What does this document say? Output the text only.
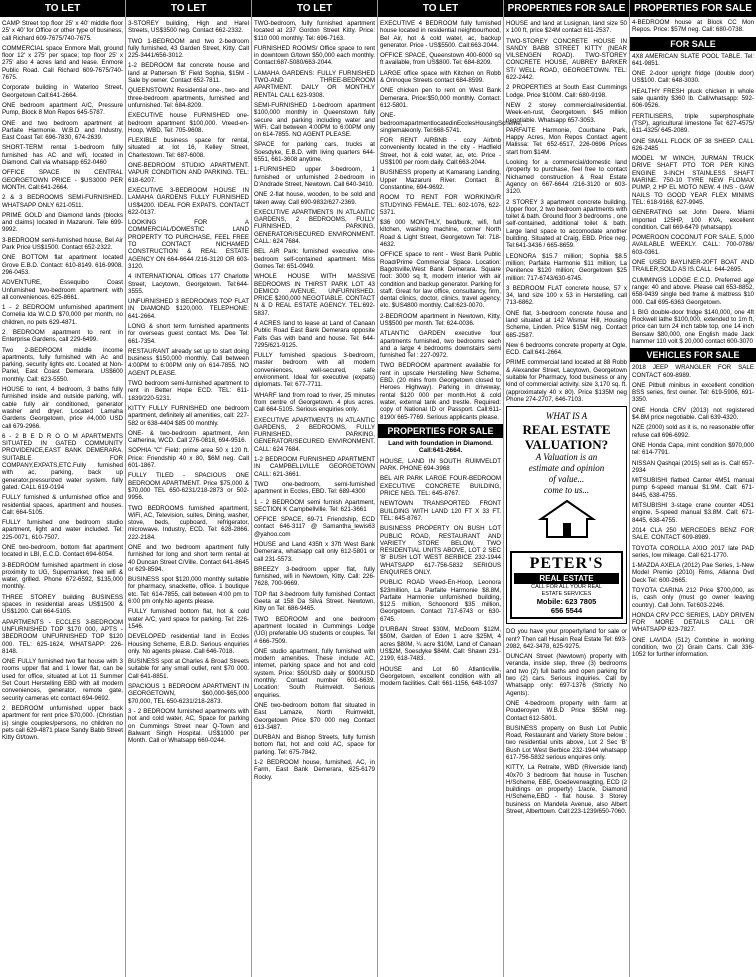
TO LET
CAMP Street top floor 25' x 40' middle floor 25' x 40' for Office or other type of business, call Richard 609-7675/740-7675.
COMMERCIAL space Enmore Mall, ground floor 12' x 275' per space; top floor 25' x 275' also 4 acres land and lease. Enmore Public Road. Call Richard 609-7675/740-7675.
Corporate building in Waterloo Street, Georgetown Call:641-2664.
ONE bedroom apartment A/C, Pressure Pump, Block 8 Mon Repos 645-5787.
ONE and two bedroom apartment at Parfaite Harmonie. W.B.D and Industry, East Coast Tel: 696-7830, 674-2639.
SHORT-TERM rental 1-bedroom fully furnished has AC and wifi, located in Diamond. Call via whatsapp 652-0460
OFFICE SPACE IN CENTRAL GEORGETOWN PRICE - $US3000 PER MONTH. Call:641-2664.
2 & 3 BEDROOMS SEMI-FURNISHED. WHATSAPP ONLY 621-0511.
PRIME GOLD and Diamond lands (blocks and claims) located in Mazaruni. Tele 699-9992.
3-BEDROOM semi-furnished house, Bel Air Park Price US$1500. Contact 652-2322.
ONE BOTTOM flat apartment located Grove E.B.D. Contact: 610-8149. 616-9908. 296-0453.
ADVENTURE, Essequibo Coast Unfurnished two-bedroom apartment with all conveniences. 625-8661.
1 - 2 BEDROOM unfurnished apartment Cornelia Ida W.C.D $70,000 per month, no children, no pets 629-4871.
2 BEDROOM apartment to rent in Enterprise Gardens, call 229-6499.
Two 2-BEDROOM middle income apartments, fully furnished with Ac and parking, security lights etc. Located at Non-Pariel, East Coast Demerara. US$600 monthly. Call: 623-5550.
HOUSE to rent, 4 bedroom, 3 baths fully furnished inside and outside parking, wifi, cable fully air conditioned, generator washer and dryer. Located Lamaha Gardens Georgetown, price #4,000 USD call 679-2966.
6 - 2 B E D R O O M APARTMENTS SITUATED IN GATED COMMUNITY PROVIDENCE,EAST BANK DEMERARA. SUITABLE FOR COMPANY,EXPATS,ETC.Fully furnished with ac, parking, back up generator,pressurized water system. fully gated. CALL 619-0194
FULLY furnished & unfurnished office and residential spaces, apartment and houses. Call: 664-5105.
FULLY furnished one bedroom studio apartment, light and water included. Tel: 225-0071, 610-7507.
ONE two-bedroom, bottom flat apartment located in LBI, E.C.D. Contact 694-6054.
3-BEDROOM furnished apartment in close proximity to UG, Supermarket, free wifi & water, grilled. Phone 672-6592, $135,000 monthly.
THREE STOREY building BUSINESS spaces in residential areas US$1500 & US$1200. Call 664-5105.
APARTMENTS - ECCLES 3-BEDROOM UNFURNISHED TOP $170 000, APTS - 3BEDROOM UNFURNISHED TOP $120 000. TEL: 625-1624, WHATSAPP: 226-8148.
ONE FULLY furnished two flat house with 3 rooms upper flat and 1 lower flat, can be used for office, situated at Lot 11 Summer Set Court Herstelling EBD with all modern conveniences, generator, remote gate, security cameras etc contact 694-9692.
2 BEDROOM unfurnished upper back apartment for rent price $70,000. (Christian is) single couples/persons, no children no pets call 629-4871 place Sandy Babb Street Kitty Gt/town.
TO LET
3-STOREY building, High and Harel Streets, US$3500 neg. Contact 662-2332.
TWO 1-BEDROOM and two 2-bedroom fully furnished, 43 Garden Street, Kitty. Call 225-3441/656-3012.
1-2 BEDROOM flat concrete house and land at Pattersen 'B' Field Sophia, $15M - Sale by owner. Contact 652-7811.
QUEENSTOWN: Residential one-, two- and three-bedroom apartments, furnished and unfurnished. Tel: 684-8209.
EXECUTIVE house FURNISHED one-bedroom apartment $100,000. Vreed-en-Hoop, WBD. Tel: 705-9608.
FLEXIBLE business space for rental, situated at lot 16, Kelley Street, Charlestown. Tel: 687-6008.
ONE-BEDROOM STUDIO APARTMENT. VAPUR CONDITION AND PARKING. TEL: 618-6207.
EXECUTIVE 3-BEDROOM HOUSE IN LAMAHA GARDENS FULLY FURNISHED US$4200. IDEAL FOR EXPATS. CONTACT 622-0137.
LOOKING FOR A COMMERCIAL/DOMESTIC LAND PROPERTY TO PURCHASE, FEEL FREE TO CONTACT NICHAMED CONSTRUCTION & REAL ESTATE AGENCY ON 664-6644 /216-3120 OR 603-3120.
4 INTERNATIONAL Offices 177 Charlotte Street, Lacytown, Georgetown. Tel:644-3555.
UNFURNISHED 3 BEDROOMS TOP FLAT IN DIAMOND $120,000. TELEPHONE: 641-2664.
LONG & short term furnished apartments for overseas guest contact Ms. Dee Tel: 661-7354.
RESTAURANT already set up to start doing business $150,000 monthly. Call between 4:00PM to 6:00PM only on 614-7855. NO AGENT PLEASE.
TWO bedroom semi-furnished apartment to rent in Better Hope ECD. TEL: 611-1839/220-5231.
KITTY FULLY FURNISHED one bedroom apartment, definitely all amenities, call: 227-582 or 638-4404 $85 00 monthly.
ONE- & two-bedroom apartment, Ann Catherina, WCD. Call 276-0818, 694-9516.
SOPHIA "C" Field: prime area 50 x 120 ft. Price: Friendship 40 x 80, $6M neg. Call 601-1867.
FULLY TILED - SPACIOUS ONE BEDROOM APARTMENT. Price $75,000 & $70,000 TEL 650-6231/218-2873 or 502-9956.
TWO BEDROOMS furnished apartment, WiFi, AC, Television, suites, Dining, washer, stove, beds, cupboard, refrigerator, microwave. Industry, ECD. Tel: 628-2866. 222-2184.
ONE and two bedroom apartment fully furnished for long and short term rental at 40 Duncan Street C/Ville. Contact 641-8645 or 629-8594.
BUSINESS spot $120,000 monthly suitable for pharmacy, snackette, office. 1 boutique etc. Tel: 614-7855, call between 4:00 pm to 6:00 pm only.No agents please.
FULLY furnished bottom flat, hot & cold water A/C, yard space for parking. Tel: 226-1546.
DEVELOPED residential land in Eccles Housing Scheme, E.B.D. Serious enquiries only. No agents please. Call 646-7018.
BUSINESS spot at Charles & Broad Streets suitable for any small outlet, rent $70 000. Call 641-8851.
SPACIOUS 1 BEDROOM APARTMENT IN GEORGETOWN, $60,000-$65,000 $70,000, TEL 650-6231/218-2873.
3 - 2 BEDROOM furnished apartments with hot and cold water, AC, Space for parking on Cummings Street near Q-Town and Balwant Singh Hospital. US$1000 per Month. Call or Whatsapp 660-0244.
TO LET
TWO-bedroom, fully furnished apartment located at 237 Gordon Street Kitty. Price: $110 000 monthly. Tel: 696-7163.
FURNISHED ROOMS/ Office space to rent in downtown G/town $50,000 each monthly. Contact:687-5080/663-2044.
LAMAHA GARDENS: FULLY FURNISHED TWO-AND THREE-BEDROOM APARTMENT. DAILY OR MONTHLY RENTAL CALL 623-9308.
SEMI-FURNISHED 1-bedroom apartment $100,000 monthly in Queenstown fully secure and parking including water and WiFi. Call between 4:00PM to 6:00PM only on 614-7855. NO AGENT PLEASE.
SPACE for parking cars, trucks at Soesdyke, E.B.D. with living quarters 644-6551, 661-3608 anytime.
1-FURNISHED upper 3-bedroom, 1 furnished or unfurnished 2-bedroom in D'Andrade Street, Newtown. Call 640-3410.
ONE 2-flat house, wooden, to be sold and taken away. Call 690-9832/627-2369.
EXECUTIVE APARTMENTS IN ATLANTIC GARDENS, 2 BEDROOMS, FULLY FURNISHED, PARKING, GENERATOR/SECURED ENVIRONMENT. CALL: 624 7684.
BEL AIR Park: furnished executive one-bedroom self-contained apartment. Miss Gomes Tel: 651-0949.
WHOLE HOUSE WITH MASSIVE BEDROOMS IN THIRST PARK LOT 43 DEMICO AVENUE, UNFURNISHED. PRICE $200,000 NEGOTIABLE. CONTACT N & D REAL ESTATE AGENCY. TEL:692-5837.
4 ACRES land to lease at Land of Canaan Public Road East Bank Demerara opposite Falls Gas with band and house. Tel: 644-7295/621-9125.
FULLY furnished spacious 3-bedroom, master bedroom with all modern conveniences, well-secured, safe environment. Ideal for executive (expats) diplomats. Tel: 677-7711.
WHARF land from road to river, 25 minutes from centre of Georgetown. 4 plus acres. Call 664-5105. Serious enquiries only.
EXECUTIVE APARTMENTS IN ATLANTIC GARDENS, 2 BEDROOMS, FULLY FURNISHED, PARKING, GENERATOR/SECURED ENVIRONMENT. CALL: 624 7684.
1-2 BEDROOM FURNISHED APARTMENT IN CAMPBELLVILLE GEORGETOWN CALL: 621-3661.
TWO one-bedroom, semi-furnished apartment in Eccles, EBD. Tel: 689-4300
1 - 2 BEDROOM semi furnish Apartment, SECTION K Campbellville. Tel: 621-3661
OFFICE SPACE, 69-71 Friendship, ECD contact 646-3117 @ Samantha_lewis63 @yahoo.com
HOUSE and Land 435ft x 37ft West Bank Demerara, whatsapp call only 612-5801 or call 231-5573.
BREEZY 3-bedroom upper flat, fully furnished, wifi in Newtown, Kitty. Call: 226-7628, 700-9669.
TOP flat 3-bedroom fully furnished Contact Geeta at 158 Da Silva Street. Newtown, Kitty on Tel: 686-9465.
TWO BEDROOM and one bedroom apartment located in Cummings Lodge (UG) preferable UG students or couples. Tel # 666-7509.
ONE studio apartment, fully furnished with modern amenities. These include AC, internet, parking space and hot and cold system. Price: $50USD daily or $900USD monthly. Contact number 601-6639. Location: South Ruimveldt. Serious enquiries.
ONE two-bedroom bottom flat situated in East Lamaze, North Ruimveldt, Georgetown Price $70 000 neg Contact 613-3487.
DURBAN and Bishop Streets, fully furnish bottom flat, hot and cold AC, space for parking. Tel: 675-7842.
1-2 BEDROOM house, furnished, AC, in Farm, East Bank Demerara, 625-6179 Rocky.
TO LET
EXECUTIVE 4 BEDROOM fully furnished house located in residential neighbourhood, Bel Air, hot & cold water, ac, backup generator. Price - US$5500. Call:663-2044.
OFFICE SPACE, Queenstown 400-6000 sq ft available, from US$800. Tel: 684-8209.
LARGE office space with Kitchen on Robb & Orinoque Streets contact 684-8599.
ONE chicken pen to rent on West Bank Demerara. Price:$50,000 monthly. Contact: 612-5801.
ONE-bedroomapartmentlocatedinEcclesHousingScheme, singlemaleonly. Tel:668-5741.
FOR RENT AIRBNB - cozy Airbnb conveniently located in the city - Hadfield Street, hot & cold water, ac, etc. Price - US$100 per room daily. Call:663-2044.
BUSINESS property at Kamarang Landing, Upper Mazaruni River. Contact B. Constantine, 694-9692.
ROOM TO RENT FOR WORKING/R STUDYING FEMALE. TEL: 602-1076, 622-5371.
$36 000 MONTHLY, bed/bunk, wifi, full kitchen, washing machine, corner North Road & Light Street, Georgetown Tel: 718-4632.
OFFICE space to rent - West Bank Public Road/Prime Commercial Space. Location: Bagotsville,West Bank Demerara. Square foot: 3000 sq ft, modern interior with air condition and backup generator. Parking for staff. Great for law office, consultancy, firm, dental clinics, doctor, clinics, travel agency, etc. $US4800 monthly. Call:623-0070.
2-BEDROOM apartment in Newtown, Kitty. US$500 per month. Tel: 624-0036.
ATLANTIC GARDEN executive four apartments furnished, two bedrooms each and a large 4 bedrooms downstairs semi furnished Tel : 227-0972.
TWO BEDROOM apartment available for rent in upscale Herstelling New Scheme, EBD. (20 mins from Georgetown closed to Heroes Highway). Parking in driveway, rental $120 000 per month.Hot & cold water, external tank and trestle. Required: copy of National ID or Passport. Call:611-8190/ 665-7769. Serious applicants please.
PROPERTIES FOR SALE
Land with foundation in Diamond. Call:641-2664.
HOUSE, LAND IN SOUTH RUIMVELDT PARK. PHONE 694-3968
BEL AIR PARK LARGE FOUR-BEDROOM EXECUTIVE CONCRETE BUILDING, PRICE NEG. TEL: 645-8767.
NEWTOWN TRANSPORTED FRONT BUILDING WITH LAND 120 FT X 33 FT. TEL: 645-8767.
BUSINESS PROPERTY ON BUSH LOT PUBLIC ROAD, RESTAURANT AND VARIETY STORE BELOW, TWO RESIDENTIAL UNITS ABOVE, LOT 2 SEC 'B' BUSH LOT WEST BERBICE 232-1944 WHATSAPP 617-756-5832 SERIOUS ENQUIRES ONLY.
PUBLIC ROAD Vreed-En-Hoop, Leonora $23million, La Parfaite Harmonie $8.8M, Parfaite Harmonie unfurnished building, $12.5 million, Schoonord $35 million, Georgetown. Contact 717-6743 or 630-6745.
D'URBAN Street $30M, McDoom $12M, $50M, Garden of Eden 1 acre $25M, 4 acres $80M, ¼ acre $10M, Land of Canaan US$2M, Soesdyke $84M. Call: Shawn 231-2199, 618-7483.
HOUSE and Lot 60 Atlanticville, Georgetown, excellent condition with all modern facilities. Call: 661-1156, 648-1037
PROPERTIES FOR SALE
HOUSE and land at Lusignan, land size 50 x 100 ft, price $24M contact 611-2537.
TWO-STOREY CONCRETE HOUSE IN SANDY BABB STREET KITTY (NEAR VILSENGEN ROAD). TWO-STOREY CONCRETE HOUSE, AUBREY BARKER ST/ WELL ROAD, GEORGETOWN. TEL: 622-2442.
2 PROPERTIES at South East Cummings Lodge. Price $100M. Call: 680-9198.
NEW 2 storey commercial/residential. Week-en-rust, Georgetown. $45 million negotiable. Whatsapp 657-3053.
PARFAITE Harmonie, Courbane Park, Happy Acres, Mon Repos Contact agent Malissa: Tel: 652-6517, 226-0696 Prices start from $14M.
Looking for a commercial/domestic land /property to purchase, feel free to contact Nichamed construction & Real Estate Agency on 667-6644 /216-3120 or 603-3120.
2 STOREY 3 apartment concrete building. Upper floor, 2 two bedroom apartments with toilet & bath. Ground floor 3 bedrooms , one self-contained, additional toilet & bath. Large land space to accomodate another building. Situated at Craig, EBD. Price neg. Tel:641-3436 / 665-8659.
LEONORA $15.7 million; Sophia $8.5 million; Parfaite Harmonie $11 million; La Penitence $120 million; Georgetown $25 million: 717-6743/630-6745.
3 BEDROOM FLAT concrete house, 57 x 34, land size 100 x 53 in Herstelling, call 713-6862.
ONE flat, 3-bedroom concrete house and land situated at 142 Wismar Hill, Housing Scheme, Linden. Price $15M neg. Contact 685-2587.
New 6 bedrooms concrete property at Ogle, ECD. Call:641-2664.
PRIME commercial land located at 88 Robb & Alexander Street, Lacytown, Georgetown suitable for Pharmacy, food business or any kind of commercial activity. size 3,170 sq. ft. (approximately 40 x 80). Price $135M neg Phone 274-2707, 646-7103.
WHAT IS A
REAL ESTATE
VALUATION?
A Valuation is an
estimate and opinion
of value...
come to us...
PETER'S
REAL ESTATE
CALL FOR ALL YOUR REAL
ESTATE SERVICES
Mobile: 623 7805
656 5544
DO you have your property/land for sale or rent? Then call Husain Real Estate Tel: 693-2982, 642-3478, 625-9275.
DUNCAN Street (Newtown) property with veranda, inside step, three (3) bedrooms and two (2) full baths and open parking for two (2) cars. Serious inquiries. Call by Whatsapp only: 697-1376 (Strictly No Agents).
ONE 4-bedroom property with farm at Pouderoyen W.B.D Price $55M neg. Contact 612-5801.
BUSINESS property on Bush Lot Public Road, Restaurant and Variety Store below ; two residential units above, Lot 2 Sec 'B' Bush Lot West Berbice 232-1944 whatsapp 617-756-5832 serious enquires only.
KITTY, La Retraite, WBD (Riverside land) 40x70 3 bedroom flat house in Tuschen H/Scheme, EBE, Goedeverwagting, ECD (2 buildings on property) 1/acre, Diamond H/Scheme,EBD - flat house. 3 Storey business on Mandela Avenue, also Albert Street, Alberttown. Call:223-1239/650-7060.
PROPERTIES FOR SALE
4-BEDROOM house at Block CC Mon Repos. Price: $57M neg. Call: 680-0738.
FOR SALE
4X8 AMERICAN SLATE POOL TABLE. Tel: 641-9851.
ONE 2-door upright fridge (double door) US$100. Call: 648-3030.
HEALTHY FRESH pluck chicken in whole sale quantity $360 lb. Call/whatsapp: 592-606-9526.
FERTILISERS, triple superphosphate (TSP), agricultural limestone Tel: 627-4575/ 611-4325/ 645-2089.
ONE SMALL FLOCK OF 38 SHEEP. CALL 626-2485
MODEL 'M' WINCH, JURMAN TRUCK DRIVE SHAFT PTO TOR PER KING ENGINE 3-INCH STAINLESS SHAFT MARINE. 750-10 TYRE NEW FLOMAX PUMP, 2 HP EL MOTO NEW. 4 INS - GAW NAILS TO GOOD YEAR FLEX MINIMS TEL: 618-9168, 627-9945.
GENERATING set John Deere. Miami imported 125HP, 100 KVA, excellent condition. Call 669-6479 (whatsapp).
POMEROON COCONUT FOR SALE. 5,000 AVAILABLE WEEKLY. CALL: 700-0786/ 603-0361.
ONE USED BAYLINER-20FT BOAT AND TRAILER,SOLD AS IS.CALL: 644-2695.
CUMMINGS LODGE E.C.D. Preferred age range: 40 and above. Please call 653-8852, 658-9439 single bed frame & mattress $10 000. Call 695-6363 Georgetown.
1 BIG double-door fridge $140,000, one 4ft Rockwell lathe $100,000, extended to 1m ft, price can turn 24 inch table top, one 14 inch Bensaw $80,000, one English made Jack hammer 110 volt $ 20,000 contact 600-3070
VEHICLES FOR SALE
2018 JEEP WRANGLER FOR SALE CONTACT 609-8989.
ONE Pitbull minibus in excellent condition BSS series, first owner. Tel: 619-5906, 691-3350.
ONE Honda CRV (2013) not registered $4.8M price negotiable. Call 639-4320.
NZE (2000) sold as it is, no reasonable offer refuse call 696-6992.
ONE Honda Capa, mint condition $970,000 tel: 614-7791.
NISSAN Qashqai (2015) sell as is. Call 657-2934
MITSUBISHI flatbed Canter 4M51 manual pump 6-speed manual $1.9M. Call: 671-8445, 638-4755.
MITSUBISHI 3-stage crane counter 4D51 engine, 5-speed manual $3.8M. Call: 671-8445, 638-4755.
2014 CLA 250 MERCEDES BENZ FOR SALE. CONTACT 609-8989.
TOYOTA COROLLA AXIO 2017 late PAD series, low mileage. Call 621-1770.
1-MAZDA AXELA (2012) Pae Series, 1-New Model Premio (2010) Rims, Allanna Dvd Deck Tel: 600-2665.
TOYOTA CARINA 212 Price $700,000, as is, cash only (must go owner leaving country). Call John. Tel:603-2246.
HONDA CRV PCC SERIES, LADY DRIVEN FOR MORE DETAILS CALL OR WHATSAPP 623-7827.
ONE LAVIDA (512) Combine in working condition, two (2) Grain Carts. Call 336-1052 for further information.
